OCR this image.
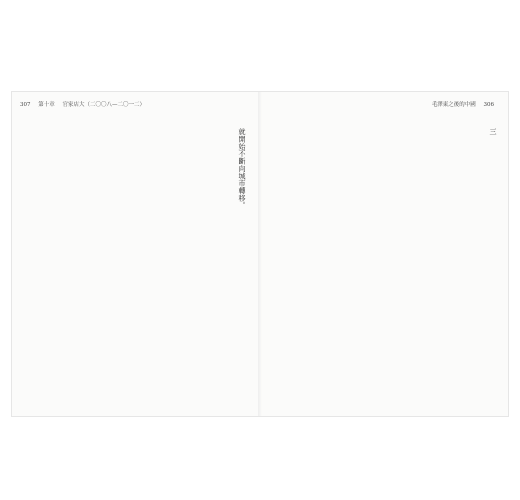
307 第十章 官家店大（二〇〇八—二〇一二）

就開始不斷向城市轉移。

毛澤東之後的中國 306

三
